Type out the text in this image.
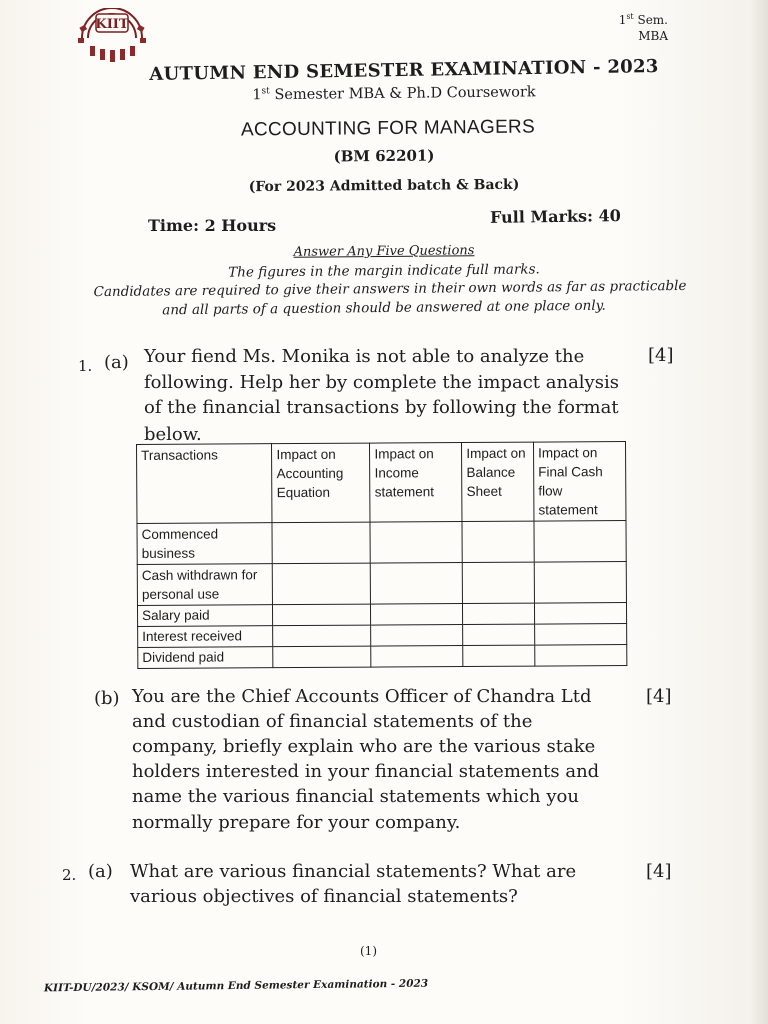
KIIT	1st Sem.
MBA
AUTUMN END SEMESTER EXAMINATION - 2023
1st Semester MBA & Ph.D Coursework
ACCOUNTING FOR MANAGERS
(BM 62201)
(For 2023 Admitted batch & Back)
Time: 2 Hours	Full Marks: 40
Answer Any Five Questions
The figures in the margin indicate full marks.
Candidates are required to give their answers in their own words as far as practicable
and all parts of a question should be answered at one place only.
1. (a) Your fiend Ms. Monika is not able to analyze the
following. Help her by complete the impact analysis
of the financial transactions by following the format
below.
[4]
Transactions	Impact on Accounting Equation	Impact on Income statement	Impact on Balance Sheet	Impact on Final Cash flow statement
Commenced business				
Cash withdrawn for personal use				
Salary paid				
Interest received				
Dividend paid				
(b) You are the Chief Accounts Officer of Chandra Ltd
and custodian of financial statements of the
company, briefly explain who are the various stake
holders interested in your financial statements and
name the various financial statements which you
normally prepare for your company.
[4]
2. (a) What are various financial statements? What are
various objectives of financial statements?
[4]
(1)
KIIT-DU/2023/ KSOM/ Autumn End Semester Examination - 2023
